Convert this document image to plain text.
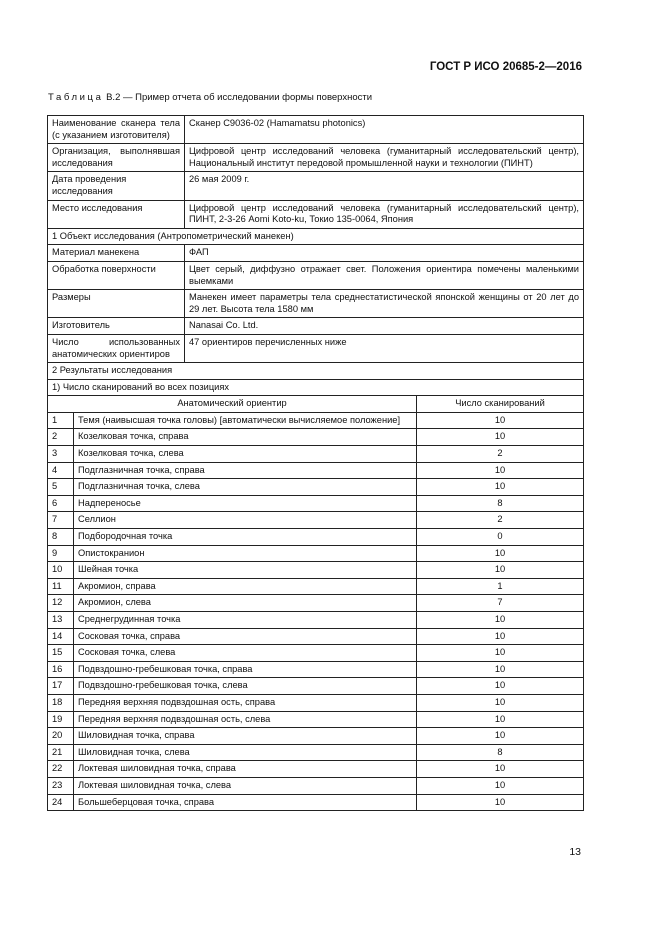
ГОСТ Р ИСО 20685-2—2016
Таблица В.2 — Пример отчета об исследовании формы поверхности
Наименование сканера тела (с указанием изготовителя)		Сканер C9036-02 (Hamamatsu photonics)	
Организация, выполнявшая исследования		Цифровой центр исследований человека (гуманитарный исследовательский центр), Национальный институт передовой промышленной науки и технологии (ПИНТ)	
Дата проведения исследования		26 мая 2009 г.	
Место исследования		Цифровой центр исследований человека (гуманитарный исследовательский центр), ПИНТ, 2-3-26 Aomi Koto-ku, Токио 135-0064, Япония	
1 Объект исследования (Антропометрический манекен)			
Материал манекена		ФАП	
Обработка поверхности		Цвет серый, диффузно отражает свет. Положения ориентира помечены маленькими выемками	
Размеры		Манекен имеет параметры тела среднестатистической японской женщины от 20 лет до 29 лет. Высота тела 1580 мм	
Изготовитель		Nanasai Co. Ltd.	
Число использованных анатомических ориентиров		47 ориентиров перечисленных ниже	
2 Результаты исследования			
1) Число сканирований во всех позициях			
Анатомический ориентир			Число сканирований
1	Темя (наивысшая точка головы) [автоматически вычисляемое положение]		10
2	Козелковая точка, справа		10
3	Козелковая точка, слева		2
4	Подглазничная точка, справа		10
5	Подглазничная точка, слева		10
6	Надпереносье		8
7	Селлион		2
8	Подбородочная точка		0
9	Опистокранион		10
10	Шейная точка		10
11	Акромион, справа		1
12	Акромион, слева		7
13	Среднегрудинная точка		10
14	Сосковая точка, справа		10
15	Сосковая точка, слева		10
16	Подвздошно-гребешковая точка, справа		10
17	Подвздошно-гребешковая точка, слева		10
18	Передняя верхняя подвздошная ость, справа		10
19	Передняя верхняя подвздошная ость, слева		10
20	Шиловидная точка, справа		10
21	Шиловидная точка, слева		8
22	Локтевая шиловидная точка, справа		10
23	Локтевая шиловидная точка, слева		10
24	Большеберцовая точка, справа		10
13
